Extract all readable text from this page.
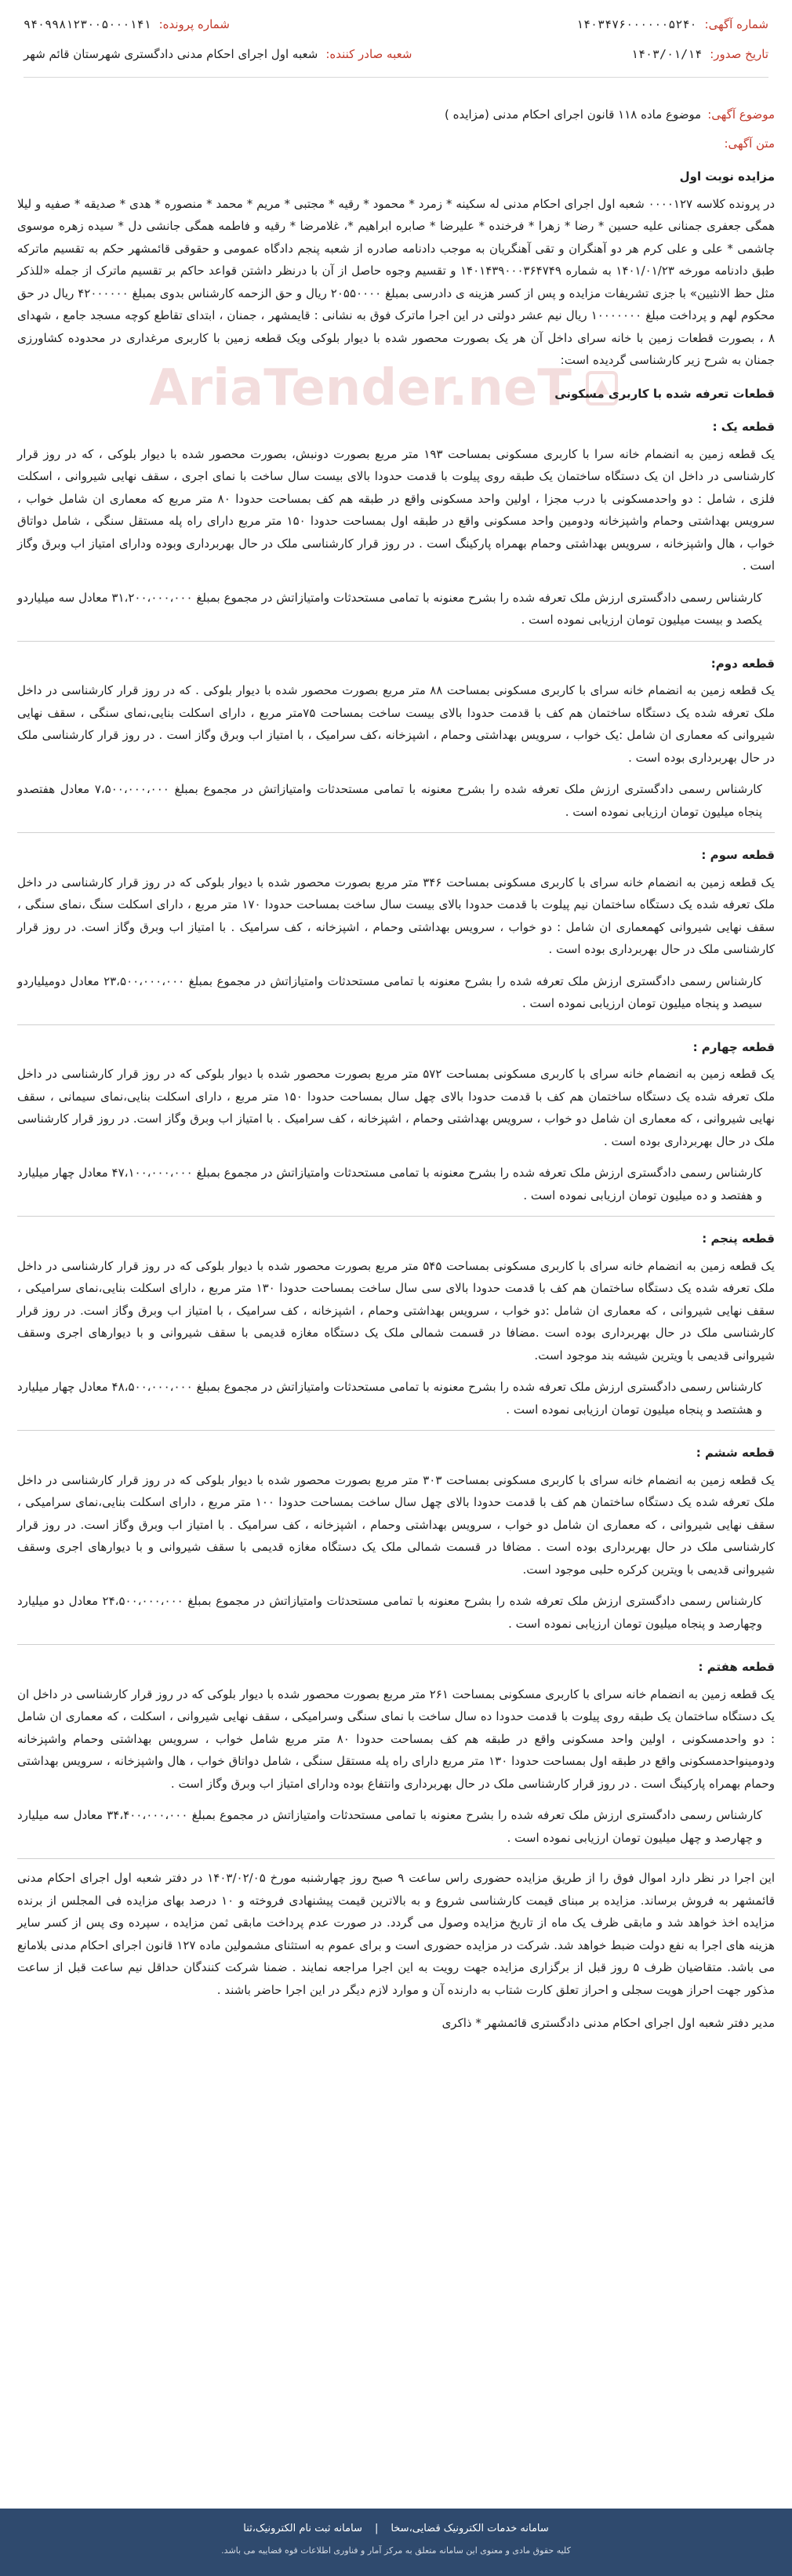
شماره آگهی:
۱۴۰۳۴۷۶۰۰۰۰۰۰۵۲۴۰
شماره پرونده:
۹۴۰۹۹۸۱۲۳۰۰۵۰۰۰۱۴۱
تاریخ صدور:
۱۴۰۳/۰۱/۱۴
شعبه صادر کننده:
شعبه اول اجرای احکام مدنی دادگستری شهرستان قائم شهر
AriaTender.neT
موضوع آگهی:
موضوع ماده ۱۱۸ قانون اجرای احکام مدنی (مزایده )
متن آگهی:
مزایده نوبت اول

در پرونده کلاسه ۰۰۰۰۱۲۷ شعبه اول اجرای احکام مدنی له سکینه * زمرد * محمود * رقیه * مجتبی * مریم * محمد * منصوره * هدی * صدیقه * صفیه و لیلا همگی جعفری جمنانی علیه حسین * رضا * زهرا * فرخنده * علیرضا * صابره ابراهیم *، غلامرضا * رقیه و فاطمه همگی جانشی دل * سیده زهره موسوی چاشمی * علی و علی کرم هر دو آهنگران و تقی آهنگریان به موجب دادنامه صادره از شعبه پنجم دادگاه عمومی و حقوقی قائمشهر حکم به تقسیم ماترکه طبق دادنامه مورخه ۱۴۰۱/۰۱/۲۳ به شماره ۱۴۰۱۴۳۹۰۰۰۳۶۴۷۴۹ و تقسیم وجوه حاصل از آن با درنظر داشتن قواعد حاکم بر تقسیم ماترک از جمله «للذکر مثل حظ الانثیین» با جزی تشریفات مزایده و پس از کسر هزینه ی دادرسی بمبلغ ۲۰۵۵۰۰۰۰ ریال و حق الزحمه کارشناس بدوی بمبلغ ۴۲۰۰۰۰۰۰ ریال در حق محکوم لهم و پرداخت مبلغ ۱۰۰۰۰۰۰۰ ریال نیم عشر دولتی در این اجرا ماترک فوق به نشانی : قایمشهر ، جمنان ، ابتدای تقاطع کوچه مسجد جامع ، شهدای ۸ ، بصورت قطعات زمین با خانه سرای داخل آن هر یک بصورت محصور شده با دیوار بلوکی ویک قطعه زمین با کاربری مرغداری در محدوده کشاورزی جمنان به شرح زیر کارشناسی گردیده است:

قطعات تعرفه شده با کاربری مسکونی
قطعه یک :

یک قطعه زمین به انضمام خانه سرا با کاربری مسکونی بمساحت ۱۹۳ متر مربع بصورت دونبش، بصورت محصور شده با دیوار بلوکی ، که در روز قرار کارشناسی در داخل ان یک دستگاه ساختمان یک طبقه روی پیلوت با قدمت حدودا بالای بیست سال ساخت با نمای اجری ، سقف نهایی شیروانی ، اسکلت فلزی ، شامل : دو واحدمسکونی با درب مجزا ، اولین واحد مسکونی واقع در طبقه هم کف بمساحت حدودا ۸۰ متر مربع که معماری ان شامل خواب ، سرویس بهداشتی وحمام واشپزخانه ودومین واحد مسکونی واقع در طبقه اول بمساحت حدودا ۱۵۰ متر مربع دارای راه پله مستقل سنگی ، شامل دواتاق خواب ، هال واشپزخانه ، سرویس بهداشتی وحمام بهمراه پارکینگ است . در روز قرار کارشناسی ملک در حال بهربرداری وبوده ودارای امتیاز اب وبرق وگاز است .

کارشناس رسمی دادگستری ارزش ملک تعرفه شده را بشرح معنونه با تمامی مستحدثات وامتیازاتش در مجموع بمبلغ ۳۱،۲۰۰،۰۰۰،۰۰۰ معادل سه میلیاردو یکصد و بیست میلیون تومان ارزیابی نموده است .

قطعه دوم:

یک قطعه زمین به انضمام خانه سرای با کاربری مسکونی بمساحت ۸۸ متر مربع بصورت محصور شده با دیوار بلوکی . که در روز قرار کارشناسی در داخل ملک تعرفه شده یک دستگاه ساختمان هم کف با قدمت حدودا بالای بیست ساخت بمساحت ۷۵متر مربع ، دارای اسکلت بنایی،نمای سنگی ، سقف نهایی شیروانی که معماری ان شامل :یک خواب ، سرویس بهداشتی وحمام ، اشپزخانه ،کف سرامیک ، با امتیاز اب وبرق وگاز است . در روز قرار کارشناسی ملک در حال بهربرداری بوده است .

کارشناس رسمی دادگستری ارزش ملک تعرفه شده را بشرح معنونه با تمامی مستحدثات وامتیازاتش در مجموع بمبلغ ۷،۵۰۰،۰۰۰،۰۰۰ معادل هفتصدو پنجاه میلیون تومان ارزیابی نموده است .

قطعه سوم :

یک قطعه زمین به انضمام خانه سرای با کاربری مسکونی بمساحت ۳۴۶ متر مربع بصورت محصور شده با دیوار بلوکی که در روز قرار کارشناسی در داخل ملک تعرفه شده یک دستگاه ساختمان نیم پیلوت با قدمت حدودا بالای بیست سال ساخت بمساحت حدودا ۱۷۰ متر مربع ، دارای اسکلت سنگ ،نمای سنگی ، سقف نهایی شیروانی کهمعماری ان شامل : دو خواب ، سرویس بهداشتی وحمام ، اشپزخانه ، کف سرامیک . با امتیاز اب وبرق وگاز است. در روز قرار کارشناسی ملک در حال بهربرداری بوده است .

کارشناس رسمی دادگستری ارزش ملک تعرفه شده را بشرح معنونه با تمامی مستحدثات وامتیازاتش در مجموع بمبلغ ۲۳،۵۰۰،۰۰۰،۰۰۰ معادل دومیلیاردو سیصد و پنجاه میلیون تومان ارزیابی نموده است .

قطعه چهارم :

یک قطعه زمین به انضمام خانه سرای با کاربری مسکونی بمساحت ۵۷۲ متر مربع بصورت محصور شده با دیوار بلوکی که در روز قرار کارشناسی در داخل ملک تعرفه شده یک دستگاه ساختمان هم کف با قدمت حدودا بالای چهل سال بمساحت حدودا ۱۵۰ متر مربع ، دارای اسکلت بنایی،نمای سیمانی ، سقف نهایی شیروانی ، که معماری ان شامل دو خواب ، سرویس بهداشتی وحمام ، اشپزخانه ، کف سرامیک . با امتیاز اب وبرق وگاز است. در روز قرار کارشناسی ملک در حال بهربرداری بوده است .

کارشناس رسمی دادگستری ارزش ملک تعرفه شده را بشرح معنونه با تمامی مستحدثات وامتیازاتش در مجموع بمبلغ ۴۷،۱۰۰،۰۰۰،۰۰۰ معادل چهار میلیارد و هفتصد و ده میلیون تومان ارزیابی نموده است .

قطعه پنجم :

یک قطعه زمین به انضمام خانه سرای با کاربری مسکونی بمساحت ۵۴۵ متر مربع بصورت محصور شده با دیوار بلوکی که در روز قرار کارشناسی در داخل ملک تعرفه شده یک دستگاه ساختمان هم کف با قدمت حدودا بالای سی سال ساخت بمساحت حدودا ۱۳۰ متر مربع ، دارای اسکلت بنایی،نمای سرامیکی ، سقف نهایی شیروانی ، که معماری ان شامل :دو خواب ، سرویس بهداشتی وحمام ، اشپزخانه ، کف سرامیک ، با امتیاز اب وبرق وگاز است. در روز قرار کارشناسی ملک در حال بهربرداری بوده است .مضافا در قسمت شمالی ملک یک دستگاه مغازه قدیمی با سقف شیروانی و با دیوارهای اجری وسقف شیروانی قدیمی با ویترین شیشه بند موجود است.

کارشناس رسمی دادگستری ارزش ملک تعرفه شده را بشرح معنونه با تمامی مستحدثات وامتیازاتش در مجموع بمبلغ ۴۸،۵۰۰،۰۰۰،۰۰۰ معادل چهار میلیارد و هشتصد و پنجاه میلیون تومان ارزیابی نموده است .

قطعه ششم :

یک قطعه زمین به انضمام خانه سرای با کاربری مسکونی بمساحت ۳۰۳ متر مربع بصورت محصور شده با دیوار بلوکی که در روز قرار کارشناسی در داخل ملک تعرفه شده یک دستگاه ساختمان هم کف با قدمت حدودا بالای چهل سال ساخت بمساحت حدودا ۱۰۰ متر مربع ، دارای اسکلت بنایی،نمای سرامیکی ، سقف نهایی شیروانی ، که معماری ان شامل دو خواب ، سرویس بهداشتی وحمام ، اشپزخانه ، کف سرامیک . با امتیاز اب وبرق وگاز است. در روز قرار کارشناسی ملک در حال بهربرداری بوده است . مضافا در قسمت شمالی ملک یک دستگاه مغازه قدیمی با سقف شیروانی و با دیوارهای اجری وسقف شیروانی قدیمی با ویترین کرکره حلبی موجود است.

کارشناس رسمی دادگستری ارزش ملک تعرفه شده را بشرح معنونه با تمامی مستحدثات وامتیازاتش در مجموع بمبلغ ۲۴،۵۰۰،۰۰۰،۰۰۰ معادل دو میلیارد وچهارصد و پنجاه میلیون تومان ارزیابی نموده است .

قطعه هفتم :

یک قطعه زمین به انضمام خانه سرای با کاربری مسکونی بمساحت ۲۶۱ متر مربع بصورت محصور شده با دیوار بلوکی که در روز قرار کارشناسی در داخل ان یک دستگاه ساختمان یک طبقه روی پیلوت با قدمت حدودا ده سال ساخت با نمای سنگی وسرامیکی ، سقف نهایی شیروانی ، اسکلت ، که معماری ان شامل : دو واحدمسکونی ، اولین واحد مسکونی واقع در طبقه هم کف بمساحت حدودا ۸۰ متر مربع شامل خواب ، سرویس بهداشتی وحمام واشپزخانه ودومینواحدمسکونی واقع در طبقه اول بمساحت حدودا ۱۳۰ متر مربع دارای راه پله مستقل سنگی ، شامل دواتاق خواب ، هال واشپزخانه ، سرویس بهداشتی وحمام بهمراه پارکینگ است . در روز قرار کارشناسی ملک در حال بهربرداری وانتفاع بوده ودارای امتیاز اب وبرق وگاز است .

کارشناس رسمی دادگستری ارزش ملک تعرفه شده را بشرح معنونه با تمامی مستحدثات وامتیازاتش در مجموع بمبلغ ۳۴،۴۰۰،۰۰۰،۰۰۰ معادل سه میلیارد و چهارصد و چهل میلیون تومان ارزیابی نموده است .

این اجرا در نظر دارد اموال فوق را از طریق مزایده حضوری راس ساعت ۹ صبح روز چهارشنبه مورخ ۱۴۰۳/۰۲/۰۵ در دفتر شعبه اول اجرای احکام مدنی قائمشهر به فروش برساند. مزایده بر مبنای قیمت کارشناسی شروع و به بالاترین قیمت پیشنهادی فروخته و ۱۰ درصد بهای مزایده فی المجلس از برنده مزایده اخذ خواهد شد و مابقی ظرف یک ماه از تاریخ مزایده وصول می گردد. در صورت عدم پرداخت مابقی ثمن مزایده ، سپرده وی پس از کسر سایر هزینه های اجرا به نفع دولت ضبط خواهد شد. شرکت در مزایده حضوری است و برای عموم به استثنای مشمولین ماده ۱۲۷ قانون اجرای احکام مدنی بلامانع می باشد. متقاضیان ظرف ۵ روز قبل از برگزاری مزایده جهت رویت به این اجرا مراجعه نمایند . ضمنا شرکت کنندگان حداقل نیم ساعت قبل از ساعت مذکور جهت احراز هویت سجلی و احراز تعلق کارت شتاب به دارنده آن و موارد لازم دیگر در این اجرا حاضر باشند .

مدیر دفتر شعبه اول اجرای احکام مدنی دادگستری قائمشهر * ذاکری
سامانه خدمات الکترونیک قضایی،سخا
|
سامانه ثبت نام الکترونیک،ثنا
کلیه حقوق مادی و معنوی این سامانه متعلق به مرکز آمار و فناوری اطلاعات قوه قضاییه می باشد.
